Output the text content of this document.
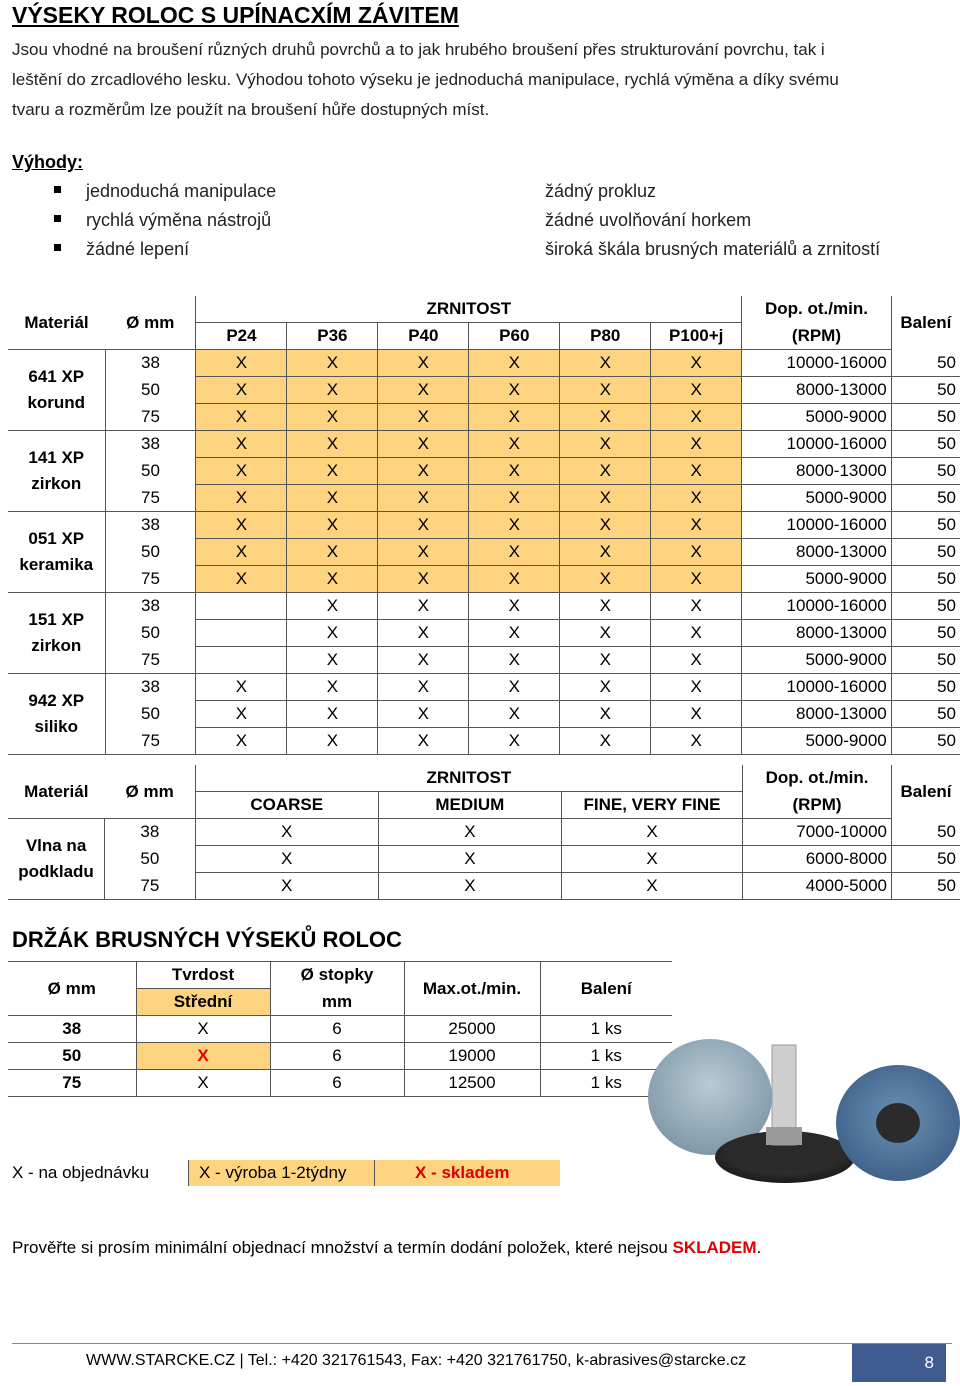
VÝSEKY ROLOC S UPÍNACXÍM ZÁVITEM
Jsou vhodné na broušení různých druhů povrchů a to jak hrubého broušení přes strukturování povrchu, tak i
leštění do zrcadlového lesku. Výhodou tohoto výseku je jednoduchá manipulace, rychlá výměna a díky svému
tvaru a rozměrům lze použít na broušení hůře dostupných míst.
Výhody:
jednoduchá manipulace
rychlá výměna nástrojů
žádné lepení
žádný prokluz
žádné uvolňování horkem
široká škála brusných materiálů a zrnitostí
Materiál	Ø mm	ZRNITOST						Dop. ot./min.	Balení
		P24	P36	P40	P60	P80	P100+j	(RPM)	

641 XP
korund	38	X	X	X	X	X	X	10000-16000	50
	50	X	X	X	X	X	X	8000-13000	50
	75	X	X	X	X	X	X	5000-9000	50

141 XP
zirkon	38	X	X	X	X	X	X	10000-16000	50
	50	X	X	X	X	X	X	8000-13000	50
	75	X	X	X	X	X	X	5000-9000	50

051 XP
keramika	38	X	X	X	X	X	X	10000-16000	50
	50	X	X	X	X	X	X	8000-13000	50
	75	X	X	X	X	X	X	5000-9000	50

151 XP
zirkon	38		X	X	X	X	X	10000-16000	50
	50		X	X	X	X	X	8000-13000	50
	75		X	X	X	X	X	5000-9000	50

942 XP
siliko	38	X	X	X	X	X	X	10000-16000	50
	50	X	X	X	X	X	X	8000-13000	50
	75	X	X	X	X	X	X	5000-9000	50
Materiál	Ø mm	ZRNITOST			Dop. ot./min.	Balení
		COARSE	MEDIUM	FINE, VERY FINE	(RPM)	

Vlna na
podkladu	38	X	X	X	7000-10000	50
	50	X	X	X	6000-8000	50
	75	X	X	X	4000-5000	50
DRŽÁK BRUSNÝCH VÝSEKŮ ROLOC
Ø mm	Tvrdost	Ø stopky	Max.ot./min.	Balení
	Střední	mm		
38	X	6	25000	1 ks
50	X	6	19000	1 ks
75	X	6	12500	1 ks
X - na objednávku	X - výroba 1-2týdny	X - skladem
Prověřte si prosím minimální objednací množství a termín dodání položek, které nejsou SKLADEM.
WWW.STARCKE.CZ | Tel.: +420 321761543, Fax: +420 321761750, k-abrasives@starcke.cz	8
